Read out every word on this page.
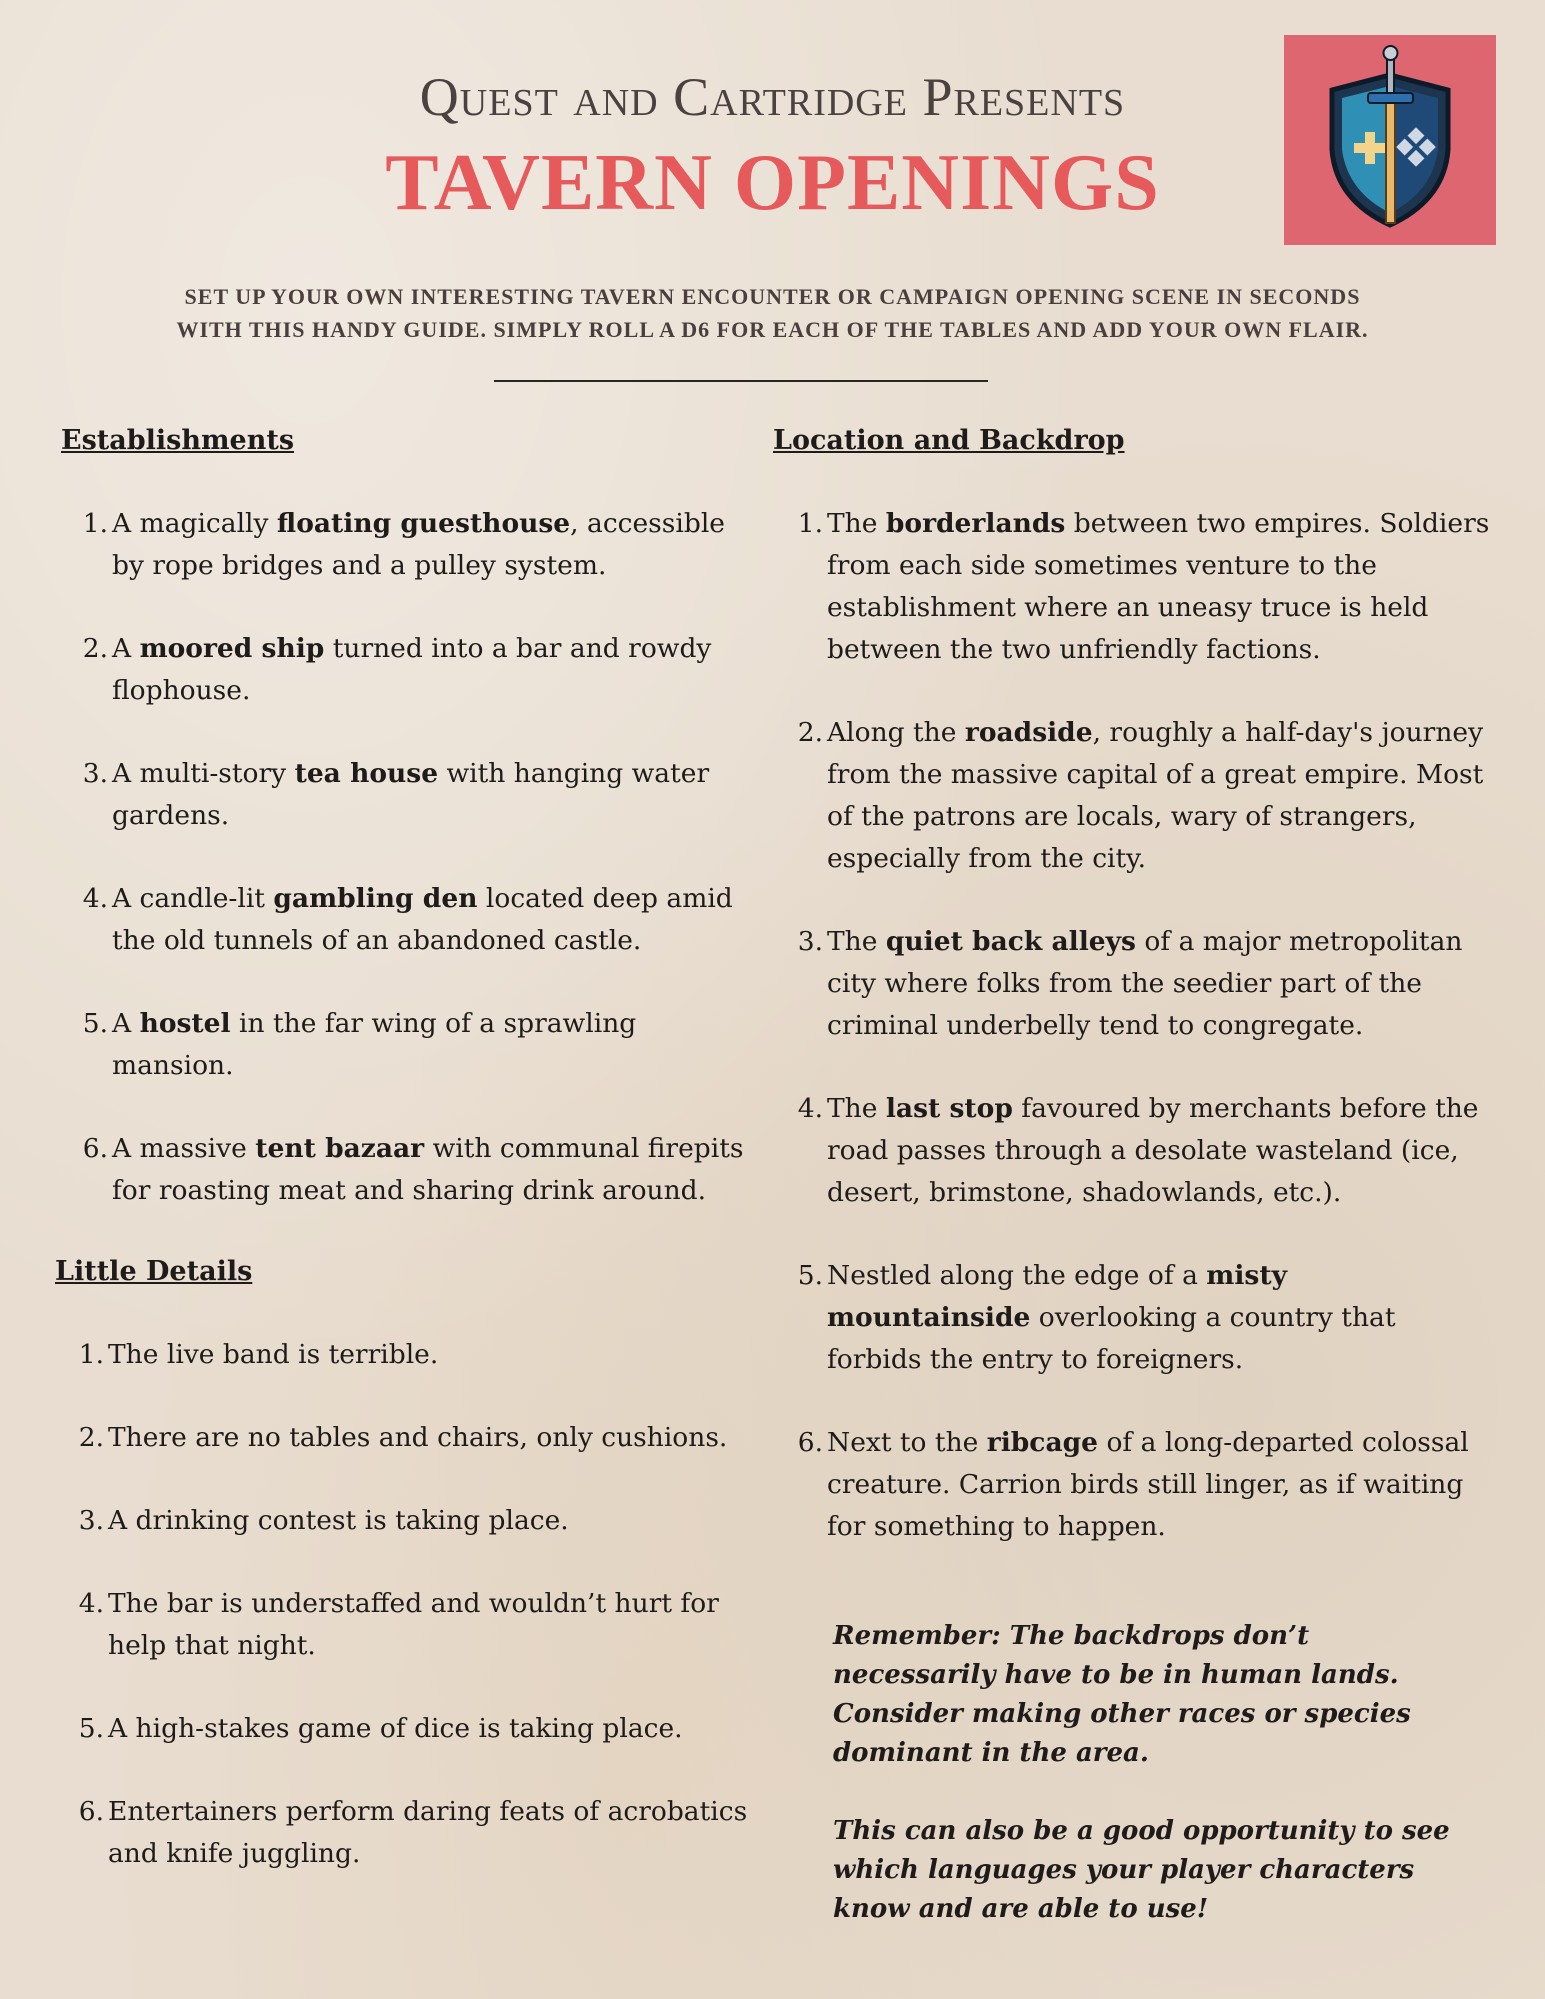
Quest and Cartridge Presents
TAVERN OPENINGS
SET UP YOUR OWN INTERESTING TAVERN ENCOUNTER OR CAMPAIGN OPENING SCENE IN SECONDS
WITH THIS HANDY GUIDE. SIMPLY ROLL A D6 FOR EACH OF THE TABLES AND ADD YOUR OWN FLAIR.
Establishments
1. A magically floating guesthouse, accessible by rope bridges and a pulley system.
2. A moored ship turned into a bar and rowdy flophouse.
3. A multi-story tea house with hanging water gardens.
4. A candle-lit gambling den located deep amid the old tunnels of an abandoned castle.
5. A hostel in the far wing of a sprawling mansion.
6. A massive tent bazaar with communal firepits for roasting meat and sharing drink around.
Little Details
1. The live band is terrible.
2. There are no tables and chairs, only cushions.
3. A drinking contest is taking place.
4. The bar is understaffed and wouldn’t hurt for help that night.
5. A high-stakes game of dice is taking place.
6. Entertainers perform daring feats of acrobatics and knife juggling.
Location and Backdrop
1. The borderlands between two empires. Soldiers from each side sometimes venture to the establishment where an uneasy truce is held between the two unfriendly factions.
2. Along the roadside, roughly a half-day's journey from the massive capital of a great empire. Most of the patrons are locals, wary of strangers, especially from the city.
3. The quiet back alleys of a major metropolitan city where folks from the seedier part of the criminal underbelly tend to congregate.
4. The last stop favoured by merchants before the road passes through a desolate wasteland (ice, desert, brimstone, shadowlands, etc.).
5. Nestled along the edge of a misty mountainside overlooking a country that forbids the entry to foreigners.
6. Next to the ribcage of a long-departed colossal creature. Carrion birds still linger, as if waiting for something to happen.

Remember: The backdrops don’t necessarily have to be in human lands. Consider making other races or species dominant in the area.

This can also be a good opportunity to see which languages your player characters know and are able to use!
